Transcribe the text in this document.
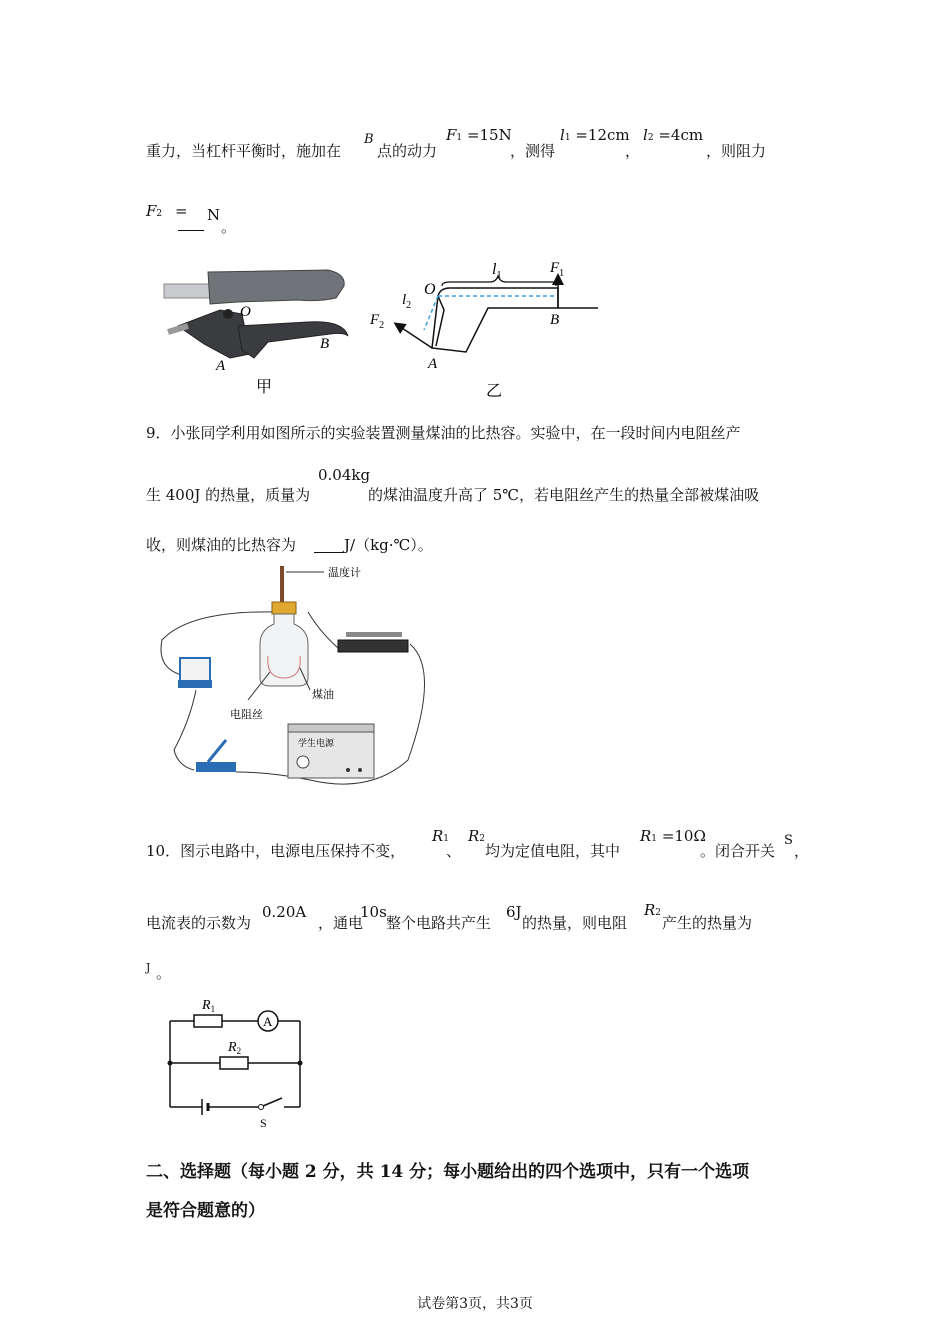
重力，当杠杆平衡时，施加在
B
点的动力
F1 =15N
，测得
l1 =12cm
，
l2 =4cm
，则阻力
F2 = N
。
O
A
B
甲
$l_1$
$l_2$
O
A
B
$F_1$
$F_2$
乙
9．小张同学利用如图所示的实验装置测量煤油的比热容。实验中，在一段时间内电阻丝产
生 400J 的热量，质量为
0.04kg
的煤油温度升高了 5℃，若电阻丝产生的热量全部被煤油吸
收，则煤油的比热容为	J/（kg·℃）。
学生电源
温度计
煤油
电阻丝
10．图示电路中，电源电压保持不变，
R1
、
R2
均为定值电阻，其中
R1 =10Ω
。闭合开关
S
，
电流表的示数为
0.20A
，通电
10s
整个电路共产生
6J
的热量，则电阻
R2
产生的热量为
J 。
A
$R_1$
$R_2$
S
二、选择题（每小题 2 分，共 14 分；每小题给出的四个选项中，只有一个选项
是符合题意的）
试卷第3页，共3页
